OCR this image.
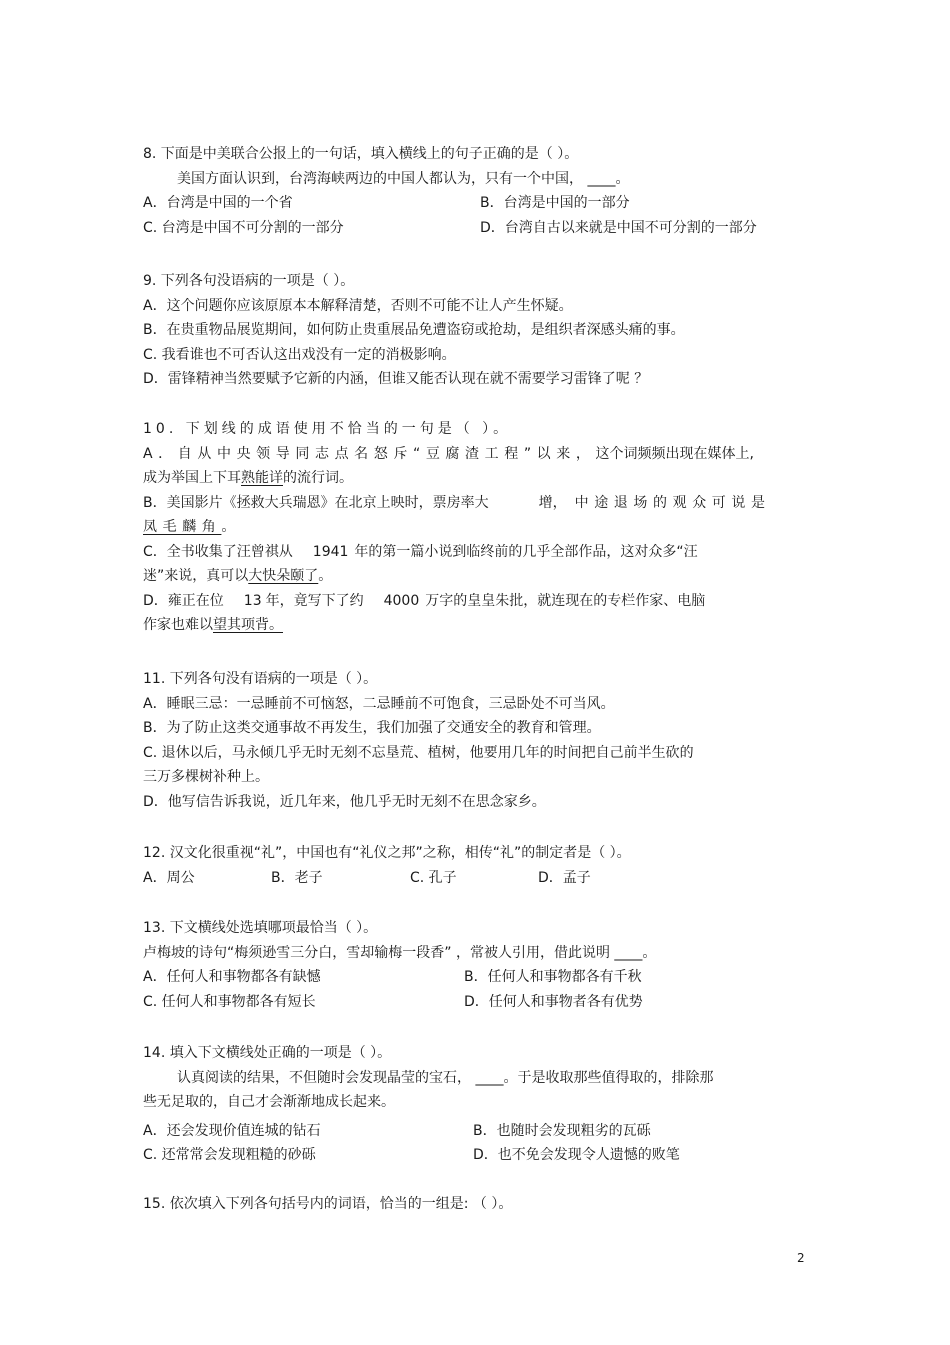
8. 下面是中美联合公报上的一句话，填入横线上的句子正确的是（ ）。
美国方面认识到，台湾海峡两边的中国人都认为，只有一个中国， ____。
A．台湾是中国的一个省	B．台湾是中国的一部分
C. 台湾是中国不可分割的一部分	D．台湾自古以来就是中国不可分割的一部分
9. 下列各句没语病的一项是（ ）。
A．这个问题你应该原原本本解释清楚，否则不可能不让人产生怀疑。
B．在贵重物品展览期间，如何防止贵重展品免遭盗窃或抢劫，是组织者深感头痛的事。
C. 我看谁也不可否认这出戏没有一定的消极影响。
D．雷锋精神当然要赋予它新的内涵，但谁又能否认现在就不需要学习雷锋了呢 ？
10. 下划线的成语使用不恰当的一句是（ ）。
A．自从中央领导同志点名怒斥“豆腐渣工程”以来，这个词频频出现在媒体上,
成为举国上下耳熟能详的流行词。
B．美国影片《拯救大兵瑞恩》在北京上映时，票房率大	增， 中途退场的观众可说是
凤毛麟角。
C．全书收集了汪曾祺从 1941 年的第一篇小说到临终前的几乎全部作品，这对众多“汪
迷”来说，真可以大快朵颐了。
D．雍正在位 13 年，竟写下了约 4000 万字的皇皇朱批，就连现在的专栏作家、电脑
作家也难以望其项背。
11. 下列各句没有语病的一项是（ ）。
A．睡眠三忌：一忌睡前不可恼怒，二忌睡前不可饱食，三忌卧处不可当风。
B．为了防止这类交通事故不再发生，我们加强了交通安全的教育和管理。
C. 退休以后，马永倾几乎无时无刻不忘垦荒、植树，他要用几年的时间把自己前半生砍的
三万多棵树补种上。
D．他写信告诉我说，近几年来，他几乎无时无刻不在思念家乡。
12. 汉文化很重视“礼”，中国也有“礼仪之邦”之称，相传“礼”的制定者是（ ）。
A．周公	B．老子	C. 孔子	D．孟子
13. 下文横线处选填哪项最恰当（ ）。
卢梅坡的诗句“梅须逊雪三分白，雪却输梅一段香” ，常被人引用，借此说明 ____。
A．任何人和事物都各有缺憾	B．任何人和事物都各有千秋
C. 任何人和事物都各有短长	D．任何人和事物者各有优势
14. 填入下文横线处正确的一项是（ ）。
认真阅读的结果，不但随时会发现晶莹的宝石， ____。于是收取那些值得取的，排除那
些无足取的，自己才会渐渐地成长起来。
A．还会发现价值连城的钻石	B．也随时会发现粗劣的瓦砾
C. 还常常会发现粗糙的砂砾	D．也不免会发现令人遗憾的败笔
15. 依次填入下列各句括号内的词语，恰当的一组是: （ ）。
2
